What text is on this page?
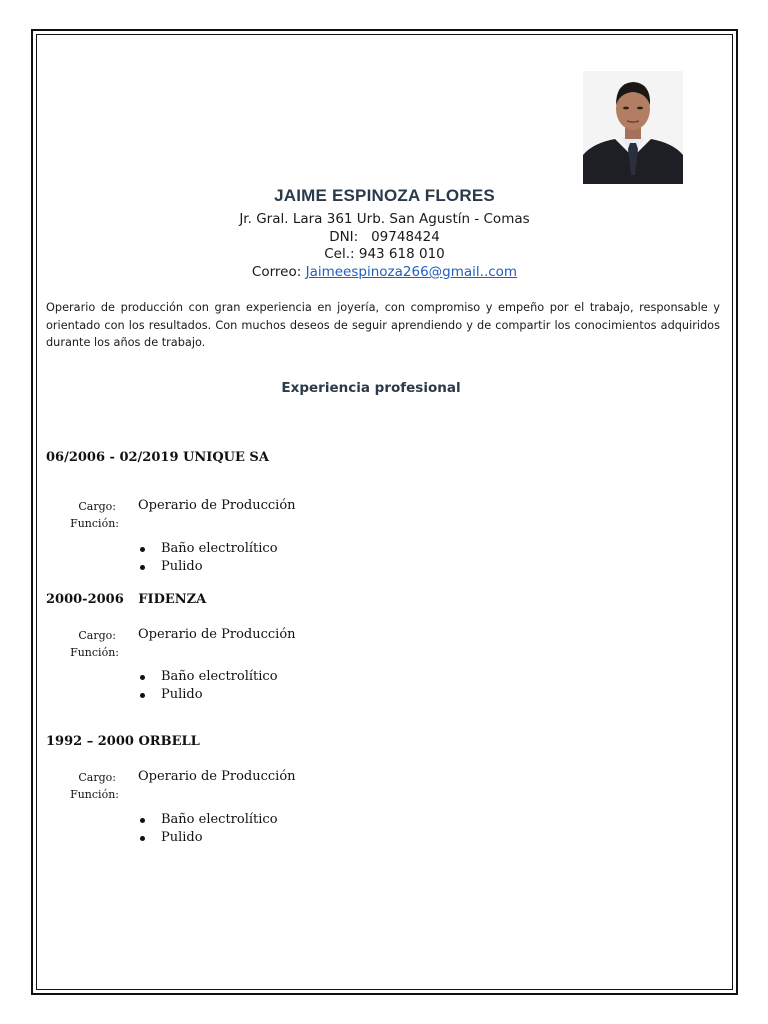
JAIME ESPINOZA FLORES
Jr. Gral. Lara 361 Urb. San Agustín - Comas
DNI: 09748424
Cel.: 943 618 010
Correo: Jaimeespinoza266@gmail..com
Operario de producción con gran experiencia en joyería, con compromiso y empeño por el trabajo, responsable y orientado con los resultados. Con muchos deseos de seguir aprendiendo y de compartir los conocimientos adquiridos durante los años de trabajo.
Experiencia profesional
06/2006 - 02/2019 UNIQUE SA
Cargo: Operario de Producción
Función:
Baño electrolítico
Pulido
2000-2006 FIDENZA
Cargo: Operario de Producción
Función:
Baño electrolítico
Pulido
1992 – 2000 ORBELL
Cargo: Operario de Producción
Función:
Baño electrolítico
Pulido
